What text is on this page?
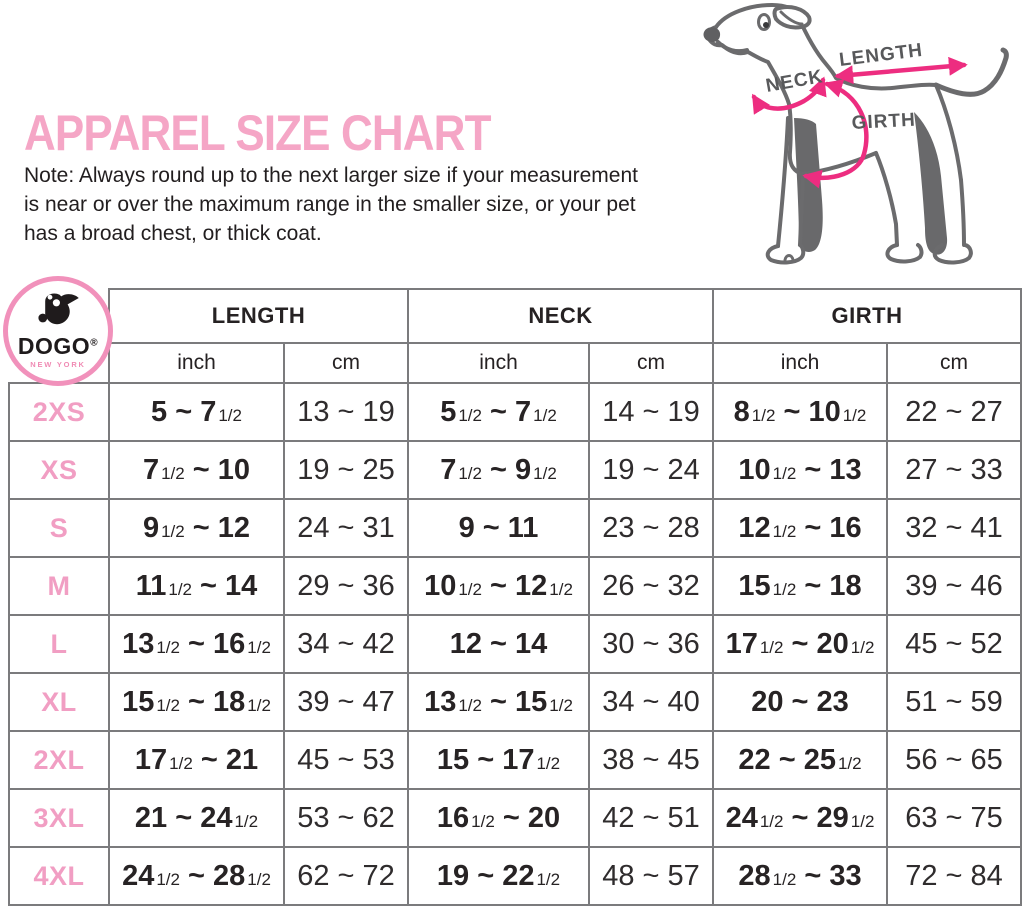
APPAREL SIZE CHART
Note: Always round up to the next larger size if your measurement
is near or over the maximum range in the smaller size, or your pet
has a broad chest, or thick coat.
NECK
LENGTH
GIRTH
DOGO®
NEW YORK
	LENGTH		NECK		GIRTH	
	inch	cm	inch	cm	inch	cm
2XS	5 ~ 7 1/2	13 ~ 19	5 1/2 ~ 7 1/2	14 ~ 19	8 1/2 ~ 10 1/2	22 ~ 27
XS	7 1/2 ~ 10	19 ~ 25	7 1/2 ~ 9 1/2	19 ~ 24	10 1/2 ~ 13	27 ~ 33
S	9 1/2 ~ 12	24 ~ 31	9 ~ 11	23 ~ 28	12 1/2 ~ 16	32 ~ 41
M	11 1/2 ~ 14	29 ~ 36	10 1/2 ~ 12 1/2	26 ~ 32	15 1/2 ~ 18	39 ~ 46
L	13 1/2 ~ 16 1/2	34 ~ 42	12 ~ 14	30 ~ 36	17 1/2 ~ 20 1/2	45 ~ 52
XL	15 1/2 ~ 18 1/2	39 ~ 47	13 1/2 ~ 15 1/2	34 ~ 40	20 ~ 23	51 ~ 59
2XL	17 1/2 ~ 21	45 ~ 53	15 ~ 17 1/2	38 ~ 45	22 ~ 25 1/2	56 ~ 65
3XL	21 ~ 24 1/2	53 ~ 62	16 1/2 ~ 20	42 ~ 51	24 1/2 ~ 29 1/2	63 ~ 75
4XL	24 1/2 ~ 28 1/2	62 ~ 72	19 ~ 22 1/2	48 ~ 57	28 1/2 ~ 33	72 ~ 84
